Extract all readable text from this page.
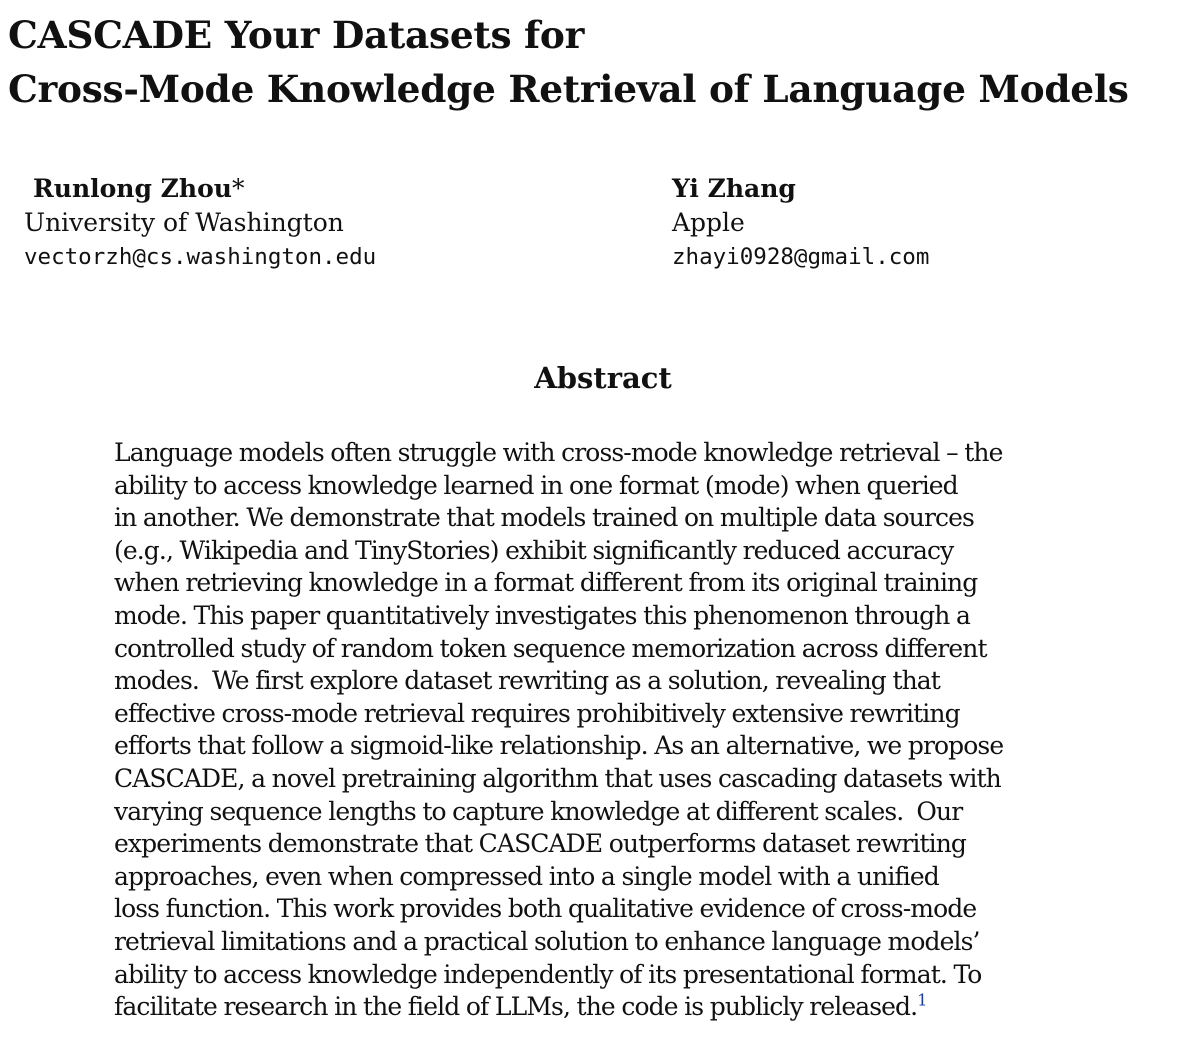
CASCADE Your Datasets for
Cross-Mode Knowledge Retrieval of Language Models
Runlong Zhou*
University of Washington
vectorzh@cs.washington.edu
Yi Zhang
Apple
zhayi0928@gmail.com
Abstract
Language models often struggle with cross-mode knowledge retrieval – the
ability to access knowledge learned in one format (mode) when queried
in another. We demonstrate that models trained on multiple data sources
(e.g., Wikipedia and TinyStories) exhibit significantly reduced accuracy
when retrieving knowledge in a format different from its original training
mode. This paper quantitatively investigates this phenomenon through a
controlled study of random token sequence memorization across different
modes.  We first explore dataset rewriting as a solution, revealing that
effective cross-mode retrieval requires prohibitively extensive rewriting
efforts that follow a sigmoid-like relationship. As an alternative, we propose
CASCADE, a novel pretraining algorithm that uses cascading datasets with
varying sequence lengths to capture knowledge at different scales.  Our
experiments demonstrate that CASCADE outperforms dataset rewriting
approaches, even when compressed into a single model with a unified
loss function. This work provides both qualitative evidence of cross-mode
retrieval limitations and a practical solution to enhance language models’
ability to access knowledge independently of its presentational format. To
facilitate research in the field of LLMs, the code is publicly released.$^1$
